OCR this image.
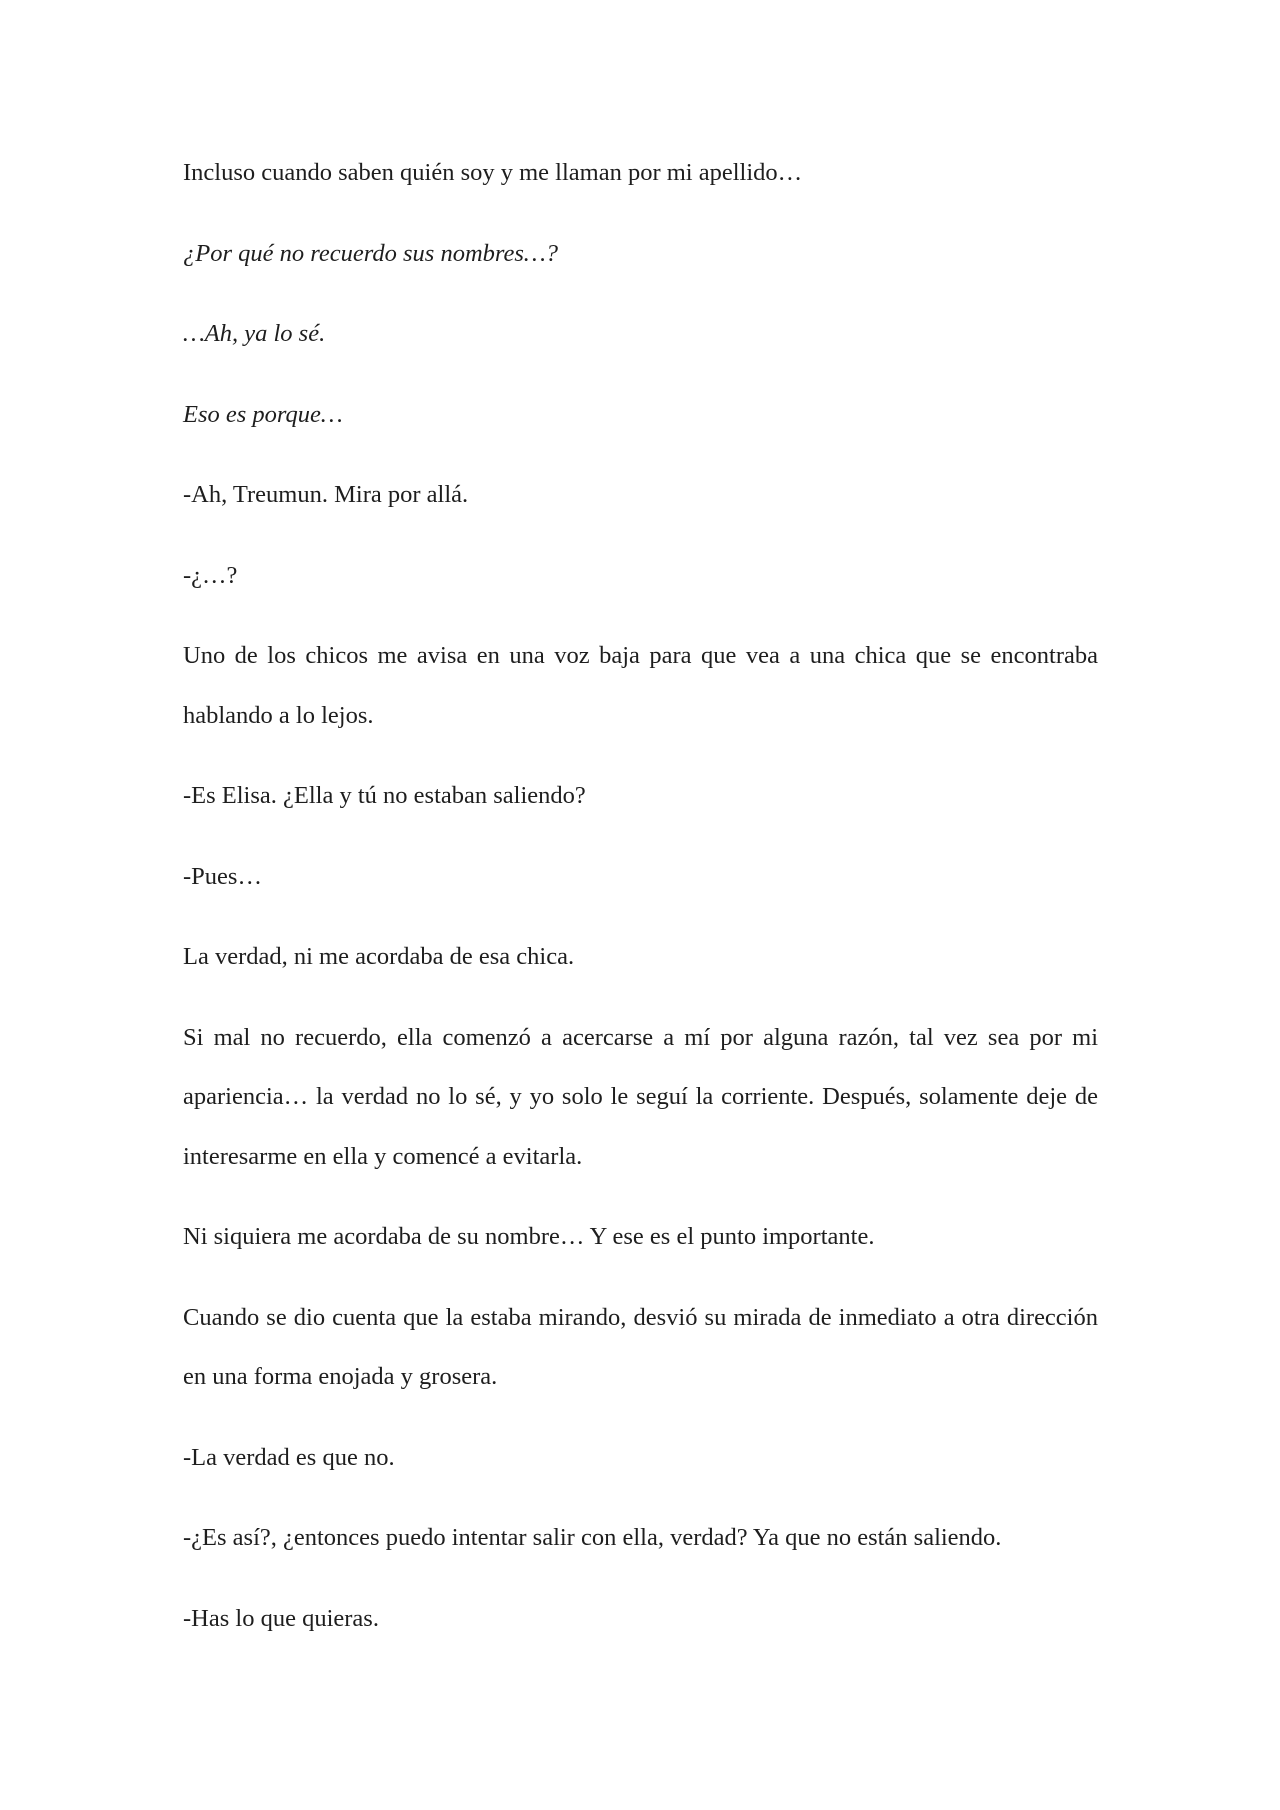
Incluso cuando saben quién soy y me llaman por mi apellido…

¿Por qué no recuerdo sus nombres…?

…Ah, ya lo sé.

Eso es porque…

-Ah, Treumun. Mira por allá.

-¿…?

Uno de los chicos me avisa en una voz baja para que vea a una chica que se encontraba hablando a lo lejos.

-Es Elisa. ¿Ella y tú no estaban saliendo?

-Pues…

La verdad, ni me acordaba de esa chica.

Si mal no recuerdo, ella comenzó a acercarse a mí por alguna razón, tal vez sea por mi apariencia… la verdad no lo sé, y yo solo le seguí la corriente. Después, solamente deje de interesarme en ella y comencé a evitarla.

Ni siquiera me acordaba de su nombre… Y ese es el punto importante.

Cuando se dio cuenta que la estaba mirando, desvió su mirada de inmediato a otra dirección en una forma enojada y grosera.

-La verdad es que no.

-¿Es así?, ¿entonces puedo intentar salir con ella, verdad? Ya que no están saliendo.

-Has lo que quieras.
